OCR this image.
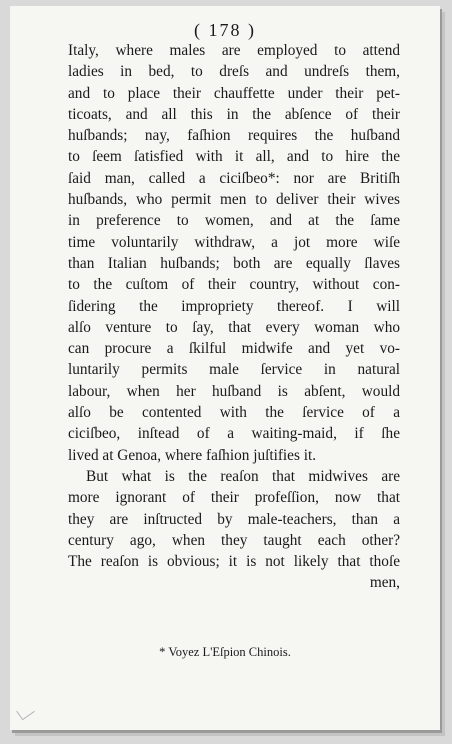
( 178 )
Italy, where males are employed to attend
ladies in bed, to dreſs and undreſs them,
and to place their chauffette under their pet-
ticoats, and all this in the abſence of their
huſbands; nay, faſhion requires the huſband
to ſeem ſatisfied with it all, and to hire the
ſaid man, called a ciciſbeo*: nor are Britiſh
huſbands, who permit men to deliver their wives
in preference to women, and at the ſame
time voluntarily withdraw, a jot more wiſe
than Italian huſbands; both are equally ſlaves
to the cuſtom of their country, without con-
ſidering the impropriety thereof. I will
alſo venture to ſay, that every woman who
can procure a ſkilful midwife and yet vo-
luntarily permits male ſervice in natural
labour, when her huſband is abſent, would
alſo be contented with the ſervice of a
ciciſbeo, inſtead of a waiting-maid, if ſhe
lived at Genoa, where faſhion juſtifies it.
But what is the reaſon that midwives are
more ignorant of their profeſſion, now that
they are inſtructed by male-teachers, than a
century ago, when they taught each other?
The reaſon is obvious; it is not likely that thoſe
men,
* Voyez L'Eſpion Chinois.
